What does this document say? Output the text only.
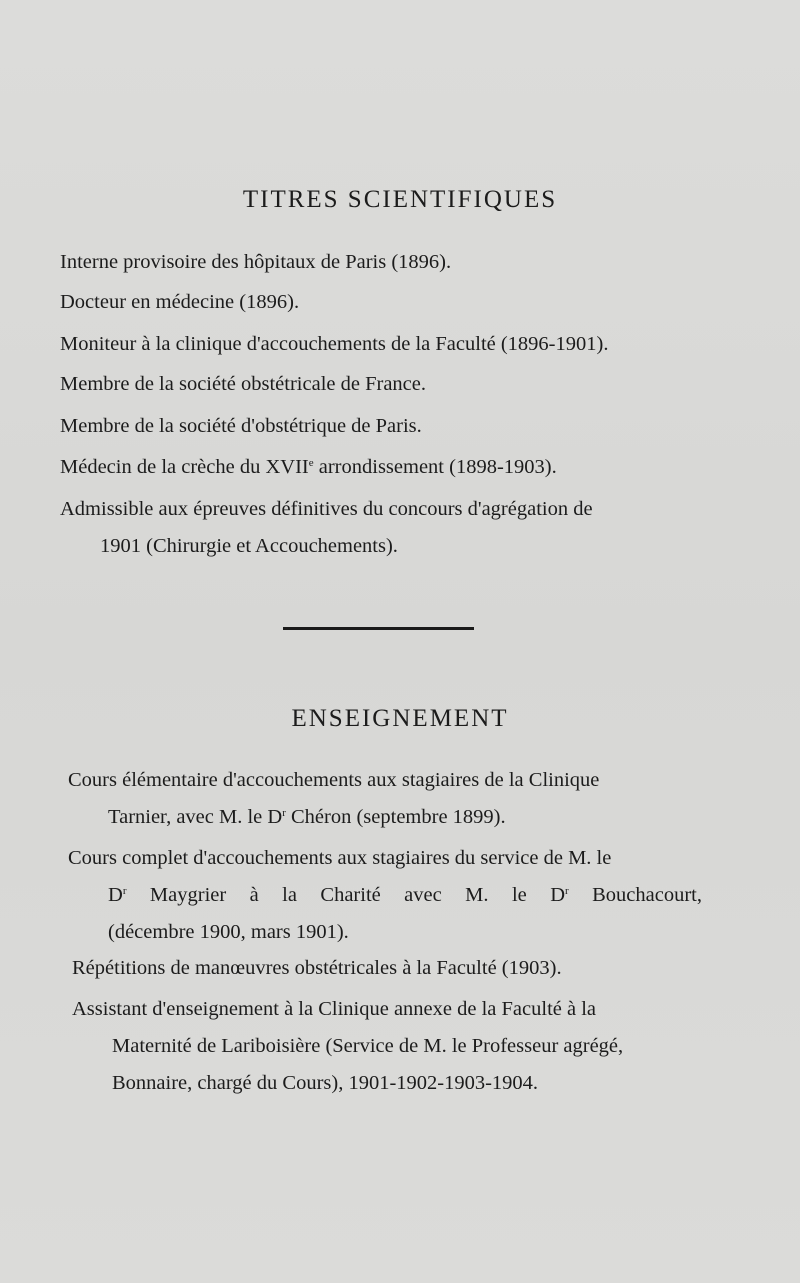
TITRES SCIENTIFIQUES
Interne provisoire des hôpitaux de Paris (1896).
Docteur en médecine (1896).
Moniteur à la clinique d'accouchements de la Faculté (1896-1901).
Membre de la société obstétricale de France.
Membre de la société d'obstétrique de Paris.
Médecin de la crèche du XVIIe arrondissement (1898-1903).
Admissible aux épreuves définitives du concours d'agrégation de
1901 (Chirurgie et Accouchements).
ENSEIGNEMENT
Cours élémentaire d'accouchements aux stagiaires de la Clinique
Tarnier, avec M. le $D^r$ Chéron (septembre 1899).
Cours complet d'accouchements aux stagiaires du service de M. le
$D^r$ Maygrier à la Charité avec M. le $D^r$ Bouchacourt,
(décembre 1900, mars 1901).
Répétitions de manœuvres obstétricales à la Faculté (1903).
Assistant d'enseignement à la Clinique annexe de la Faculté à la
Maternité de Lariboisière (Service de M. le Professeur agrégé,
Bonnaire, chargé du Cours), 1901-1902-1903-1904.
